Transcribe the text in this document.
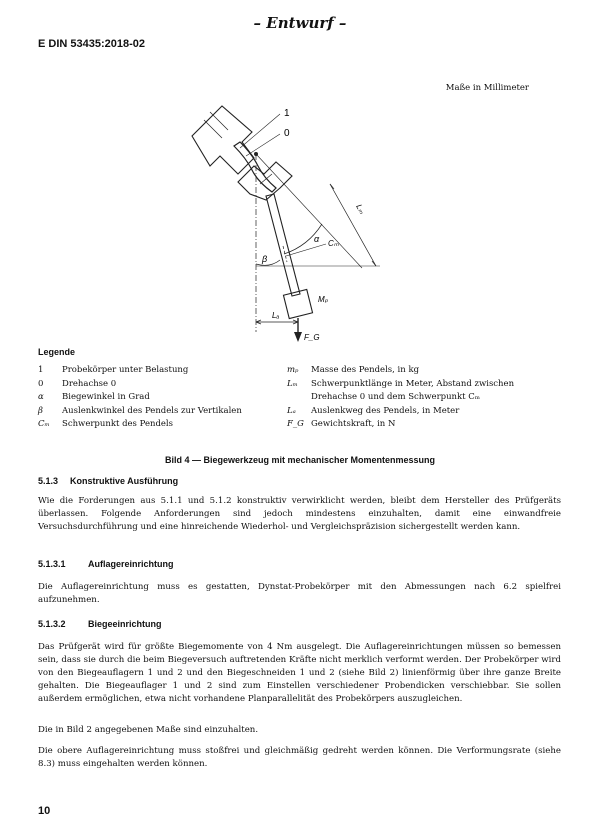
– Entwurf –
E DIN 53435:2018-02
Maße in Millimeter
1
0
Lₘ
α
β
Cₘ
Mₚ
Lₐ
F_G
Legende
1	Probekörper unter Belastung
0	Drehachse 0
α	Biegewinkel in Grad
β	Auslenkwinkel des Pendels zur Vertikalen
Cₘ	Schwerpunkt des Pendels
mₚ	Masse des Pendels, in kg
Lₘ	Schwerpunktlänge in Meter, Abstand zwischen
Drehachse 0 und dem Schwerpunkt Cₘ
Lₐ	Auslenkweg des Pendels, in Meter
F_G Gewichtskraft, in N
Bild 4 — Biegewerkzeug mit mechanischer Momentenmessung
5.1.3 Konstruktive Ausführung
Wie die Forderungen aus 5.1.1 und 5.1.2 konstruktiv verwirklicht werden, bleibt dem Hersteller des Prüfgeräts überlassen. Folgende Anforderungen sind jedoch mindestens einzuhalten, damit eine einwandfreie Versuchsdurchführung und eine hinreichende Wiederhol- und Vergleichspräzision sichergestellt werden kann.
5.1.3.1 Auflagereinrichtung
Die Auflagereinrichtung muss es gestatten, Dynstat-Probekörper mit den Abmessungen nach 6.2 spielfrei aufzunehmen.
5.1.3.2 Biegeeinrichtung
Das Prüfgerät wird für größte Biegemomente von 4 Nm ausgelegt. Die Auflagereinrichtungen müssen so bemessen sein, dass sie durch die beim Biegeversuch auftretenden Kräfte nicht merklich verformt werden. Der Probekörper wird von den Biegeauflagern 1 und 2 und den Biegeschneiden 1 und 2 (siehe Bild 2) linienförmig über ihre ganze Breite gehalten. Die Biegeauflager 1 und 2 sind zum Einstellen verschiedener Probendicken verschiebbar. Sie sollen außerdem ermöglichen, etwa nicht vorhandene Planparallelität des Probekörpers auszugleichen.
Die in Bild 2 angegebenen Maße sind einzuhalten.
Die obere Auflagereinrichtung muss stoßfrei und gleichmäßig gedreht werden können. Die Verformungsrate (siehe 8.3) muss eingehalten werden können.
10
